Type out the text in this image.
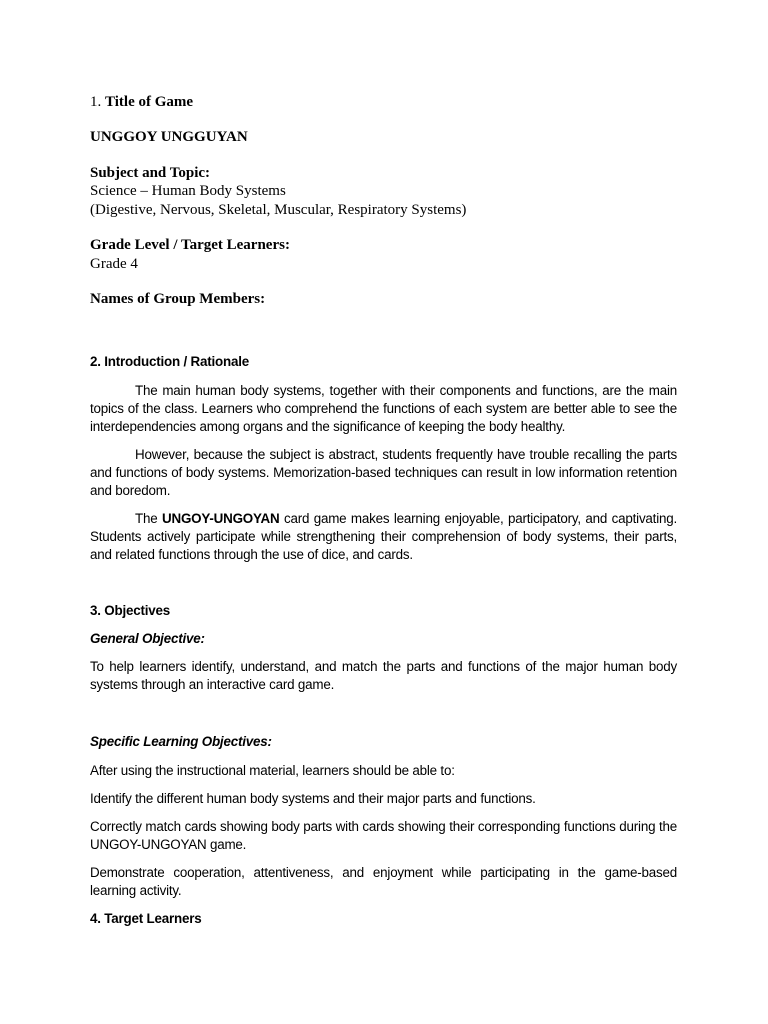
1. Title of Game

UNGGOY UNGGUYAN

Subject and Topic:

Science – Human Body Systems

(Digestive, Nervous, Skeletal, Muscular, Respiratory Systems)

Grade Level / Target Learners:

Grade 4

Names of Group Members:

2. Introduction / Rationale

The main human body systems, together with their components and functions, are the main topics of the class. Learners who comprehend the functions of each system are better able to see the interdependencies among organs and the significance of keeping the body healthy.

However, because the subject is abstract, students frequently have trouble recalling the parts and functions of body systems. Memorization-based techniques can result in low information retention and boredom.

The UNGOY-UNGOYAN card game makes learning enjoyable, participatory, and captivating. Students actively participate while strengthening their comprehension of body systems, their parts, and related functions through the use of dice, and cards.

3. Objectives

General Objective:

To help learners identify, understand, and match the parts and functions of the major human body systems through an interactive card game.

Specific Learning Objectives:

After using the instructional material, learners should be able to:

Identify the different human body systems and their major parts and functions.

Correctly match cards showing body parts with cards showing their corresponding functions during the UNGOY-UNGOYAN game.

Demonstrate cooperation, attentiveness, and enjoyment while participating in the game-based learning activity.

4. Target Learners
